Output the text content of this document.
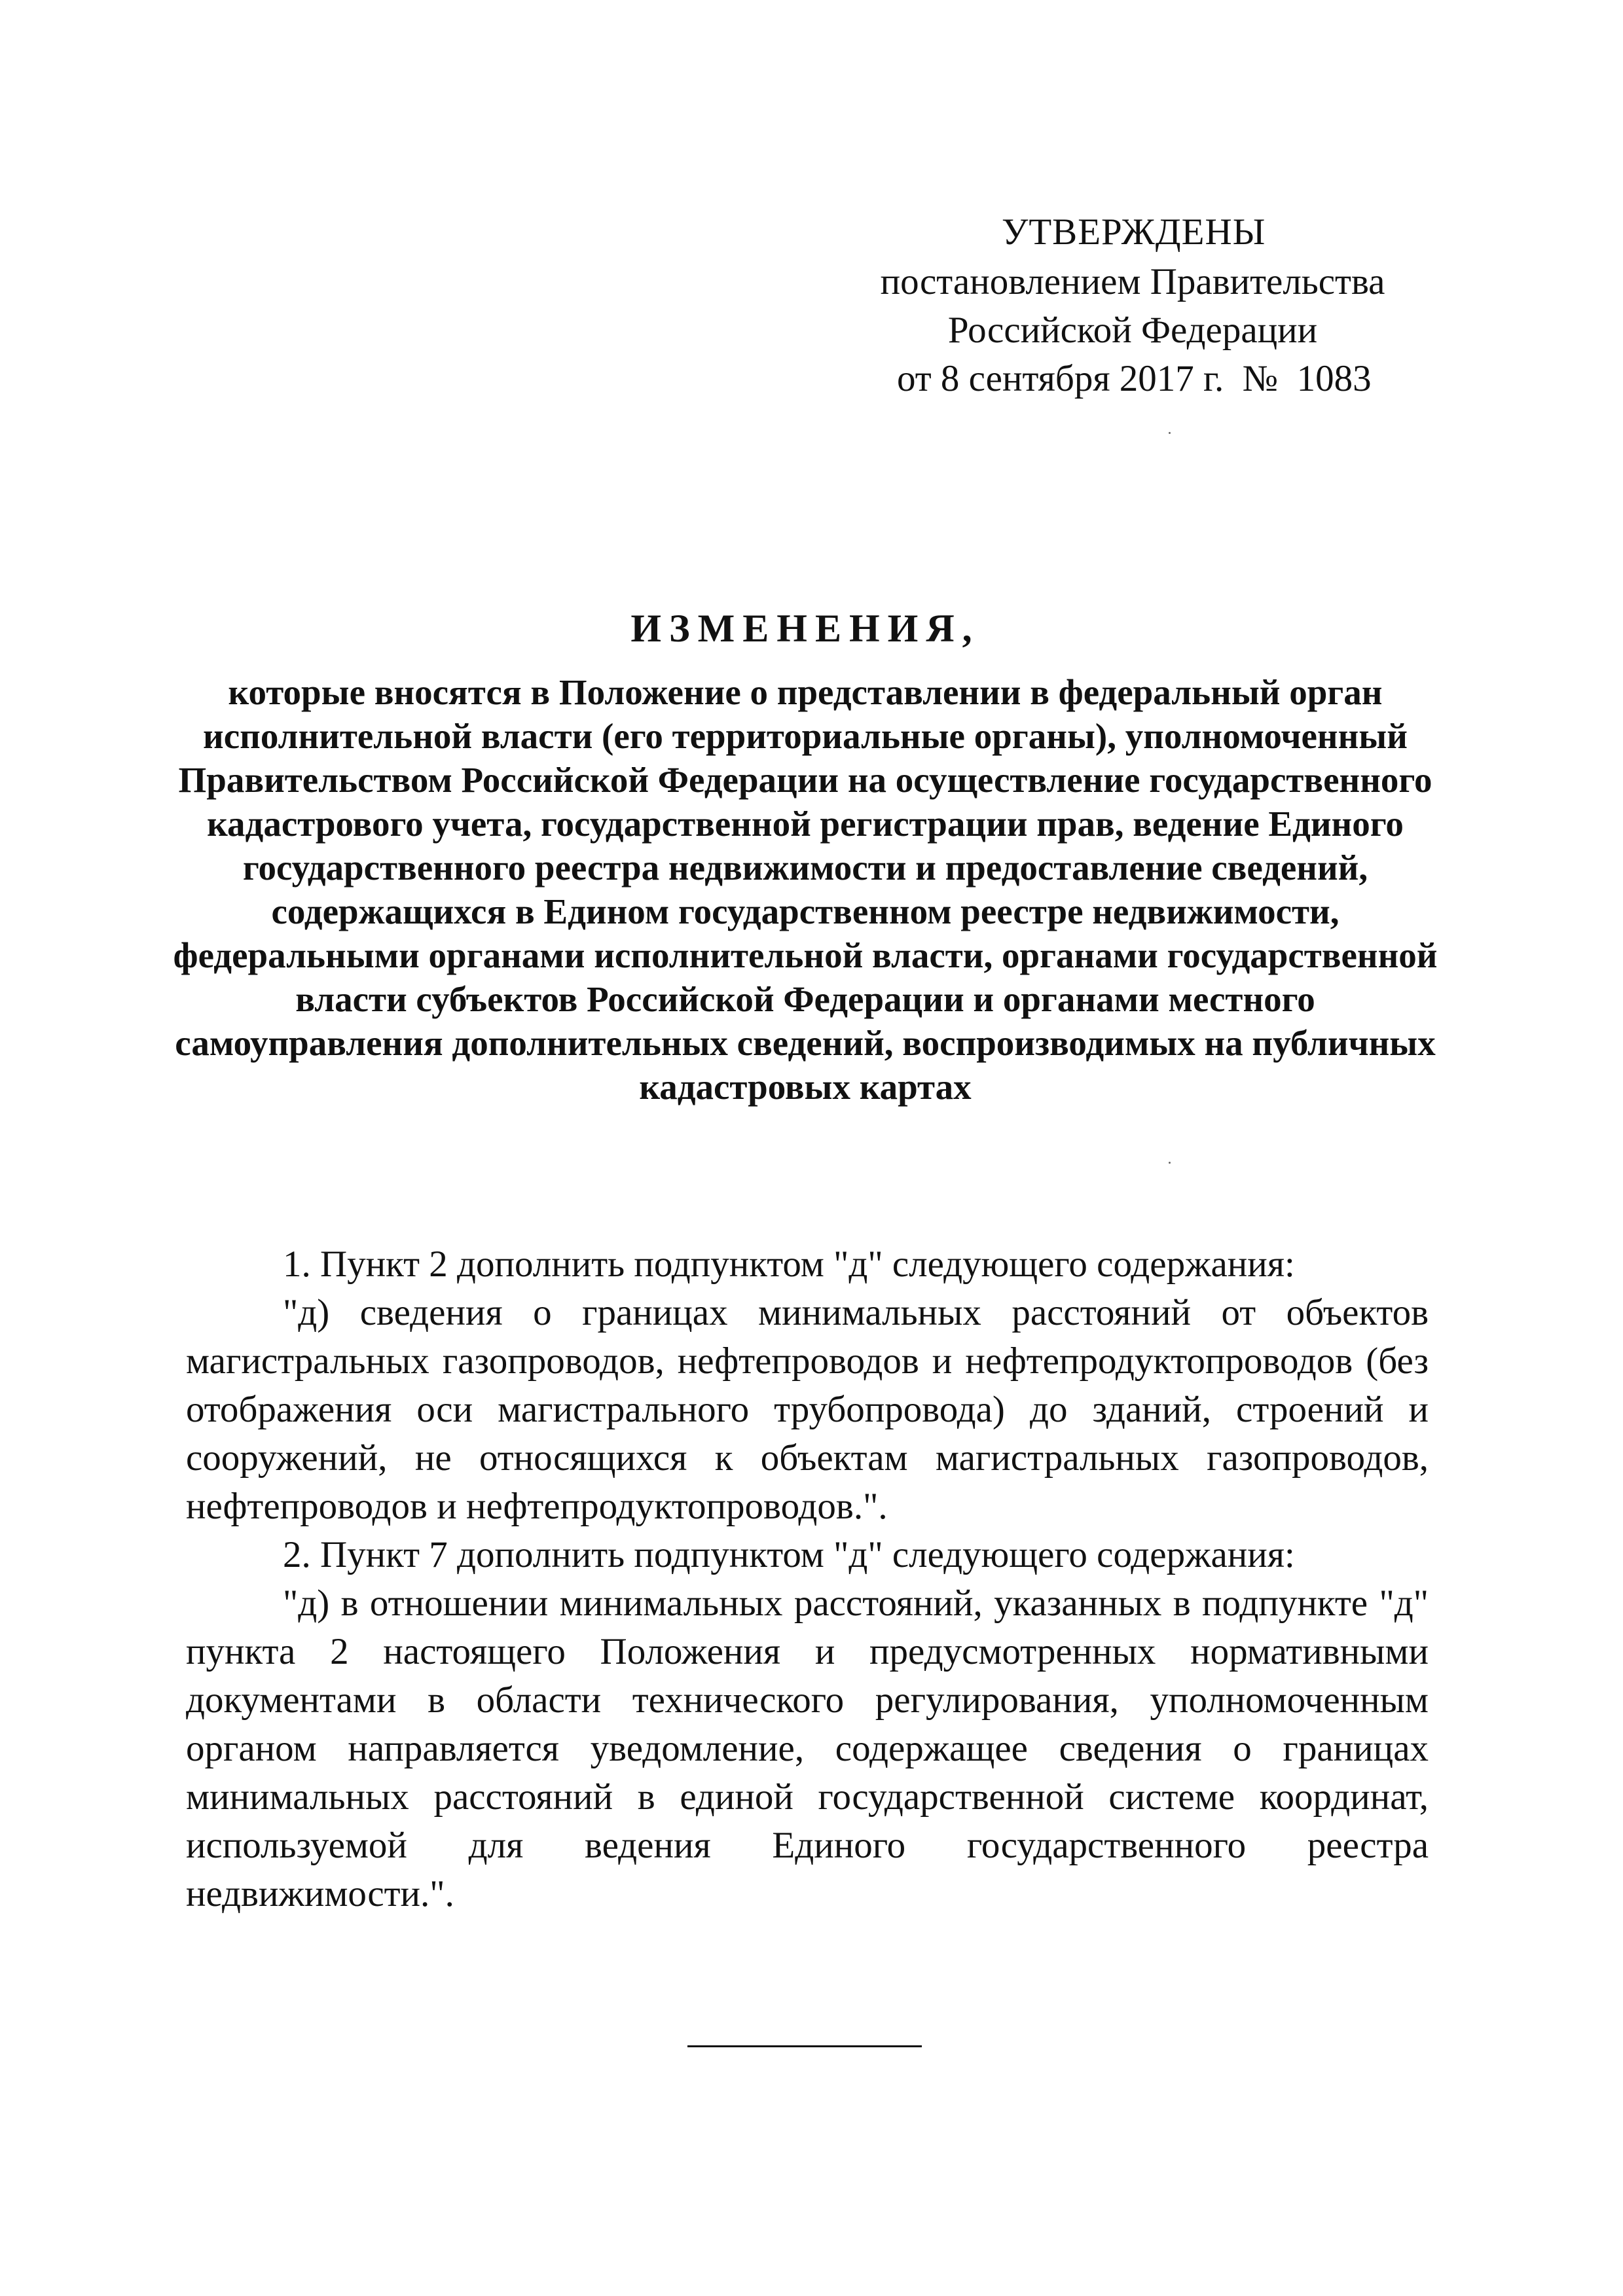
УТВЕРЖДЕНЫ
постановлением Правительства
Российской Федерации
от 8 сентября 2017 г.  №  1083
ИЗМЕНЕНИЯ,
которые вносятся в Положение о представлении в федеральный орган исполнительной власти (его территориальные органы), уполномоченный Правительством Российской Федерации на осуществление государственного кадастрового учета, государственной регистрации прав, ведение Единого государственного реестра недвижимости и предоставление сведений, содержащихся в Едином государственном реестре недвижимости, федеральными органами исполнительной власти, органами государственной власти субъектов Российской Федерации и органами местного самоуправления дополнительных сведений, воспроизводимых на публичных кадастровых картах

1. Пункт 2 дополнить подпунктом "д" следующего содержания:

"д) сведения о границах минимальных расстояний от объектов магистральных газопроводов, нефтепроводов и нефтепродуктопроводов (без отображения оси магистрального трубопровода) до зданий, строений и сооружений, не относящихся к объектам магистральных газопроводов, нефтепроводов и нефтепродуктопроводов.".

2. Пункт 7 дополнить подпунктом "д" следующего содержания:

"д) в отношении минимальных расстояний, указанных в подпункте "д" пункта 2 настоящего Положения и предусмотренных нормативными документами в области технического регулирования, уполномоченным органом направляется уведомление, содержащее сведения о границах минимальных расстояний в единой государственной системе координат, используемой для ведения Единого государственного реестра недвижимости.".
